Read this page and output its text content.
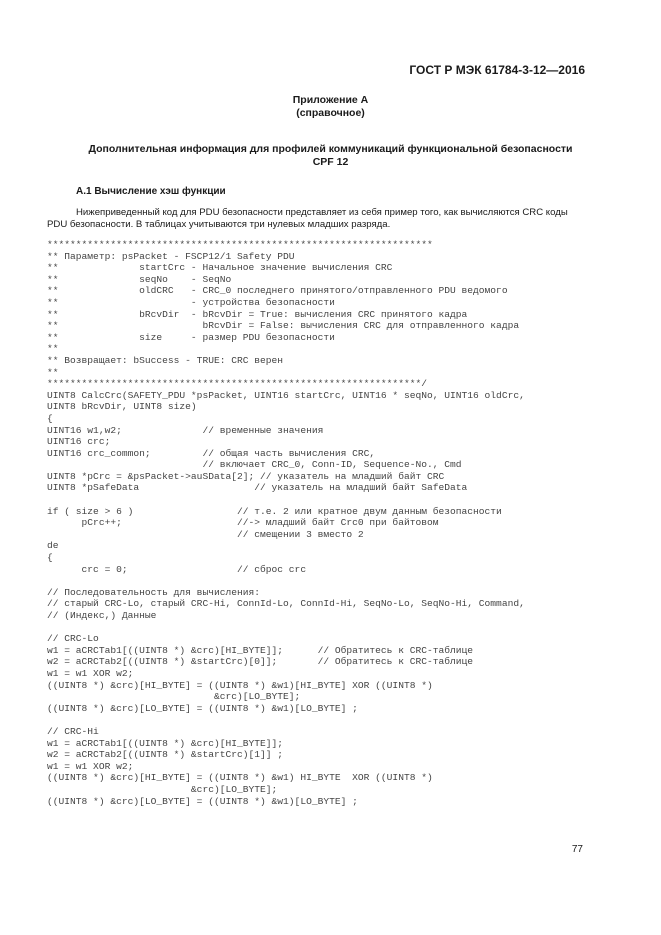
ГОСТ Р МЭК 61784-3-12—2016
Приложение А
(справочное)
Дополнительная информация для профилей коммуникаций функциональной безопасности
CPF 12
А.1 Вычисление хэш функции
Нижеприведенный код для PDU безопасности представляет из себя пример того, как вычисляются CRC коды
PDU безопасности. В таблицах учитываются три нулевых младших разряда.
*******************************************************************
** Параметр: psPacket - FSCP12/1 Safety PDU
**              startCrc - Начальное значение вычисления CRC
**              seqNo    - SeqNo
**              oldCRC   - CRC_0 последнего принятого/отправленного PDU ведомого
**                       - устройства безопасности
**              bRcvDir  - bRcvDir = True: вычисления CRC принятого кадра
**                         bRcvDir = False: вычисления CRC для отправленного кадра
**              size     - размер PDU безопасности
**
** Возвращает: bSuccess - TRUE: CRC верен
**
*****************************************************************/
UINT8 CalcCrc(SAFETY_PDU *psPacket, UINT16 startCrc, UINT16 * seqNo, UINT16 oldCrc,
UINT8 bRcvDir, UINT8 size)
{
UINT16 w1,w2;              // временные значения
UINT16 crc;
UINT16 crc_common;         // общая часть вычисления CRC,
// включает CRC_0, Conn-ID, Sequence-No., Cmd
UINT8 *pCrc = &psPacket->auSData[2]; // указатель на младший байт CRC
UINT8 *pSafeData                    // указатель на младший байт SafeData
if ( size > 6 )                  // т.е. 2 или кратное двум данным безопасности
pCrc++;                    //-> младший байт Crc0 при байтовом
// смещении 3 вместо 2
de
{
crc = 0;                   // сброс crc
// Последовательность для вычисления:
// старый CRC-Lo, старый CRC-Hi, ConnId-Lo, ConnId-Hi, SeqNo-Lo, SeqNo-Hi, Command,
// (Индекс,) Данные
// CRC-Lo
w1 = aCRCTab1[((UINT8 *) &crc)[HI_BYTE]];      // Обратитесь к CRC-таблице
w2 = aCRCTab2[((UINT8 *) &startCrc)[0]];       // Обратитесь к CRC-таблице
w1 = w1 XOR w2;
((UINT8 *) &crc)[HI_BYTE] = ((UINT8 *) &w1)[HI_BYTE] XOR ((UINT8 *)
&crc)[LO_BYTE];
((UINT8 *) &crc)[LO_BYTE] = ((UINT8 *) &w1)[LO_BYTE] ;
// CRC-Hi
w1 = aCRCTab1[((UINT8 *) &crc)[HI_BYTE]];
w2 = aCRCTab2[((UINT8 *) &startCrc)[1]] ;
w1 = w1 XOR w2;
((UINT8 *) &crc)[HI_BYTE] = ((UINT8 *) &w1) HI_BYTE  XOR ((UINT8 *)
&crc)[LO_BYTE];
((UINT8 *) &crc)[LO_BYTE] = ((UINT8 *) &w1)[LO_BYTE] ;
77
